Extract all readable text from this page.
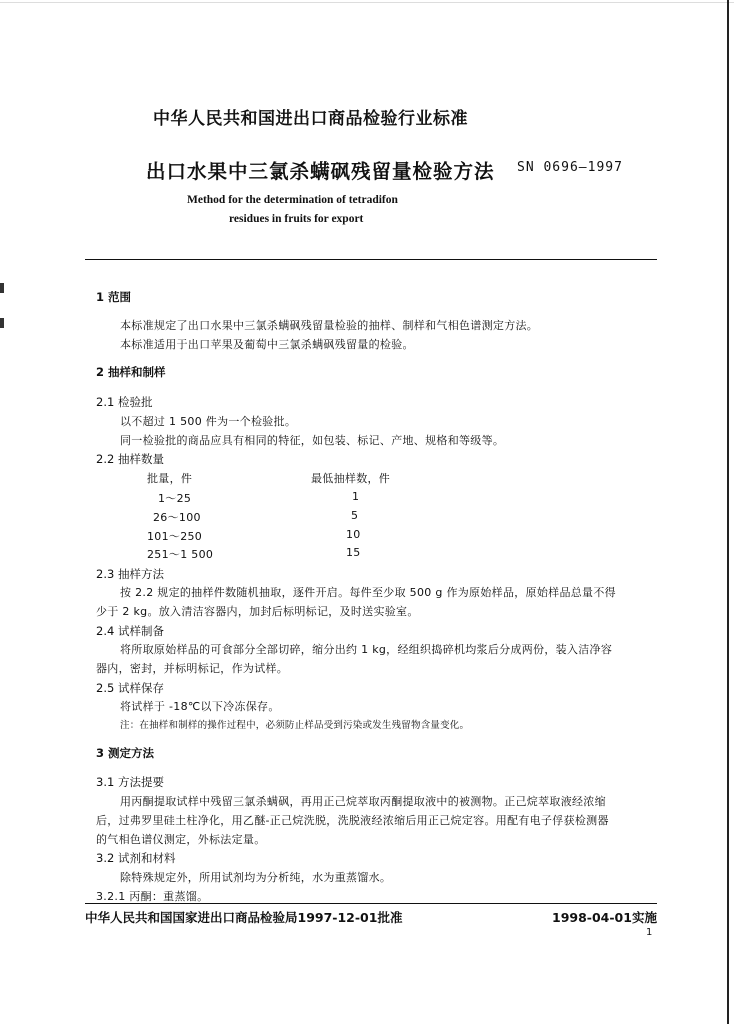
中华人民共和国进出口商品检验行业标准
出口水果中三氯杀螨砜残留量检验方法 SN 0696—1997
Method for the determination of tetradifon
residues in fruits for export
1 范围
本标准规定了出口水果中三氯杀螨砜残留量检验的抽样、制样和气相色谱测定方法。
本标准适用于出口苹果及葡萄中三氯杀螨砜残留量的检验。
2 抽样和制样
2.1 检验批
以不超过 1 500 件为一个检验批。
同一检验批的商品应具有相同的特征，如包装、标记、产地、规格和等级等。
2.2 抽样数量
批量，件	最低抽样数，件
1～25	1
26～100	5
101～250	10
251～1 500	15
2.3 抽样方法
按 2.2 规定的抽样件数随机抽取，逐件开启。每件至少取 500 g 作为原始样品，原始样品总量不得
少于 2 kg。放入清洁容器内，加封后标明标记，及时送实验室。
2.4 试样制备
将所取原始样品的可食部分全部切碎，缩分出约 1 kg，经组织捣碎机均浆后分成两份，装入洁净容
器内，密封，并标明标记，作为试样。
2.5 试样保存
将试样于 -18℃以下冷冻保存。
注：在抽样和制样的操作过程中，必须防止样品受到污染或发生残留物含量变化。
3 测定方法
3.1 方法提要
用丙酮提取试样中残留三氯杀螨砜，再用正己烷萃取丙酮提取液中的被测物。正己烷萃取液经浓缩
后，过弗罗里硅土柱净化，用乙醚-正己烷洗脱，洗脱液经浓缩后用正己烷定容。用配有电子俘获检测器
的气相色谱仪测定，外标法定量。
3.2 试剂和材料
除特殊规定外，所用试剂均为分析纯，水为重蒸馏水。
3.2.1 丙酮：重蒸馏。
中华人民共和国国家进出口商品检验局1997-12-01批准	1998-04-01实施
1
